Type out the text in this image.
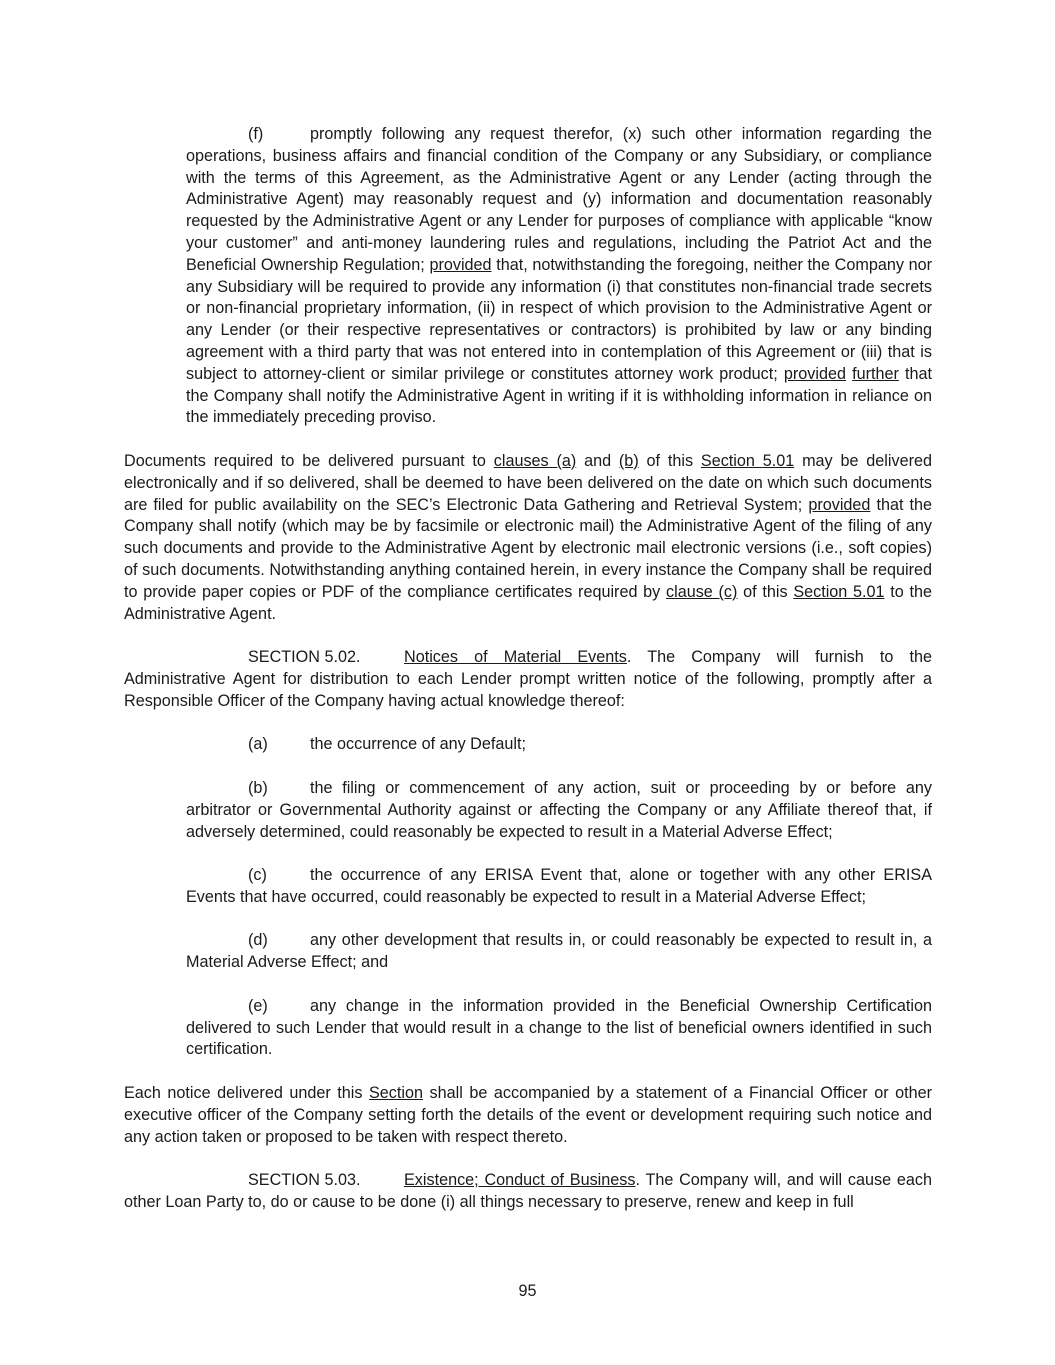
(f)	promptly following any request therefor, (x) such other information regarding the operations, business affairs and financial condition of the Company or any Subsidiary, or compliance with the terms of this Agreement, as the Administrative Agent or any Lender (acting through the Administrative Agent) may reasonably request and (y) information and documentation reasonably requested by the Administrative Agent or any Lender for purposes of compliance with applicable “know your customer” and anti-money laundering rules and regulations, including the Patriot Act and the Beneficial Ownership Regulation; provided that, notwithstanding the foregoing, neither the Company nor any Subsidiary will be required to provide any information (i) that constitutes non-financial trade secrets or non-financial proprietary information, (ii) in respect of which provision to the Administrative Agent or any Lender (or their respective representatives or contractors) is prohibited by law or any binding agreement with a third party that was not entered into in contemplation of this Agreement or (iii) that is subject to attorney-client or similar privilege or constitutes attorney work product; provided further that the Company shall notify the Administrative Agent in writing if it is withholding information in reliance on the immediately preceding proviso.

Documents required to be delivered pursuant to clauses (a) and (b) of this Section 5.01 may be delivered electronically and if so delivered, shall be deemed to have been delivered on the date on which such documents are filed for public availability on the SEC’s Electronic Data Gathering and Retrieval System; provided that the Company shall notify (which may be by facsimile or electronic mail) the Administrative Agent of the filing of any such documents and provide to the Administrative Agent by electronic mail electronic versions (i.e., soft copies) of such documents. Notwithstanding anything contained herein, in every instance the Company shall be required to provide paper copies or PDF of the compliance certificates required by clause (c) of this Section 5.01 to the Administrative Agent.

SECTION 5.02.	Notices of Material Events. The Company will furnish to the Administrative Agent for distribution to each Lender prompt written notice of the following, promptly after a Responsible Officer of the Company having actual knowledge thereof:

(a)	the occurrence of any Default;

(b)	the filing or commencement of any action, suit or proceeding by or before any arbitrator or Governmental Authority against or affecting the Company or any Affiliate thereof that, if adversely determined, could reasonably be expected to result in a Material Adverse Effect;

(c)	the occurrence of any ERISA Event that, alone or together with any other ERISA Events that have occurred, could reasonably be expected to result in a Material Adverse Effect;

(d)	any other development that results in, or could reasonably be expected to result in, a Material Adverse Effect; and

(e)	any change in the information provided in the Beneficial Ownership Certification delivered to such Lender that would result in a change to the list of beneficial owners identified in such certification.

Each notice delivered under this Section shall be accompanied by a statement of a Financial Officer or other executive officer of the Company setting forth the details of the event or development requiring such notice and any action taken or proposed to be taken with respect thereto.

SECTION 5.03.	Existence; Conduct of Business. The Company will, and will cause each other Loan Party to, do or cause to be done (i) all things necessary to preserve, renew and keep in full

95
